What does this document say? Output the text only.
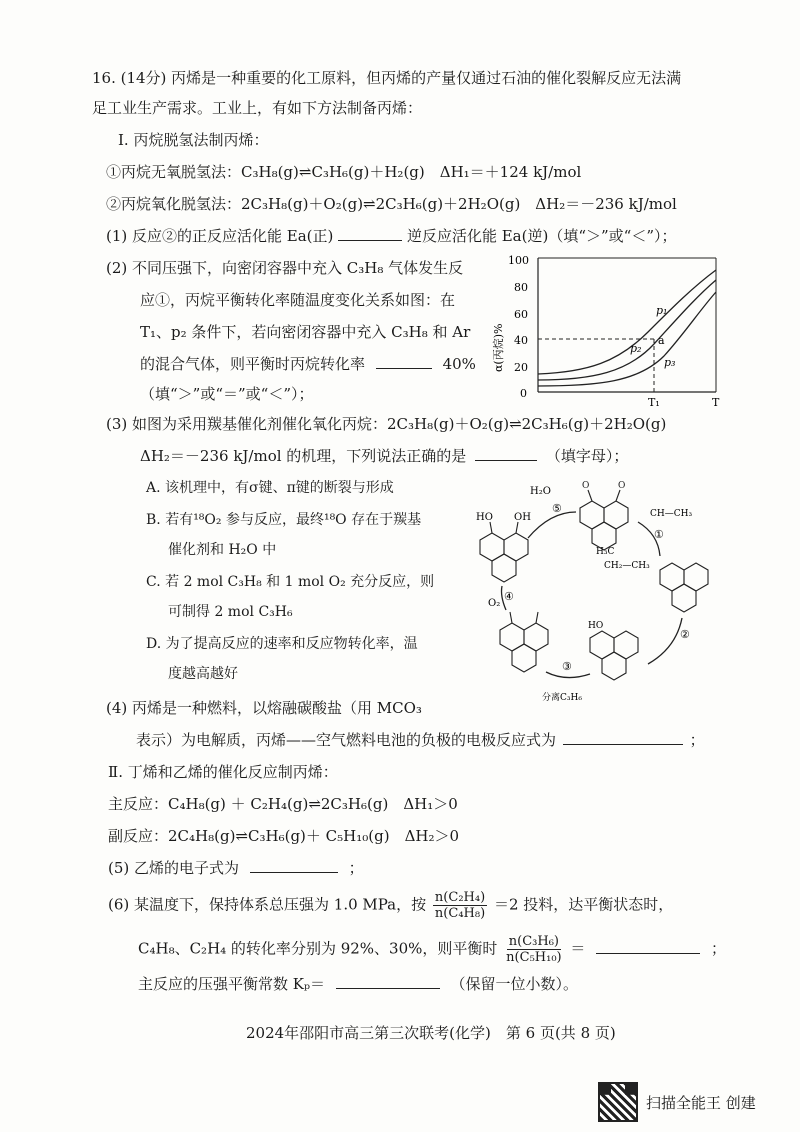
16. (14分) 丙烯是一种重要的化工原料，但丙烯的产量仅通过石油的催化裂解反应无法满
足工业生产需求。工业上，有如下方法制备丙烯：
Ⅰ. 丙烷脱氢法制丙烯：
①丙烷无氧脱氢法：C₃H₈(g)⇌C₃H₆(g)＋H₂(g)　ΔH₁＝＋124 kJ/mol
②丙烷氧化脱氢法：2C₃H₈(g)＋O₂(g)⇌2C₃H₆(g)＋2H₂O(g)　ΔH₂＝－236 kJ/mol
(1) 反应②的正反应活化能 Ea(正)	逆反应活化能 Ea(逆)（填“＞”或“＜”）；
(2) 不同压强下，向密闭容器中充入 C₃H₈ 气体发生反
应①，丙烷平衡转化率随温度变化关系如图：在
T₁、p₂ 条件下，若向密闭容器中充入 C₃H₈ 和 Ar
的混合气体，则平衡时丙烷转化率	40%
（填“＞”或“＝”或“＜”）；
100
80
60
40
20
0
α(丙烷)%
T
T₁
p₁
p₂
p₃
a
(3) 如图为采用羰基催化剂催化氧化丙烷：2C₃H₈(g)＋O₂(g)⇌2C₃H₆(g)＋2H₂O(g)
ΔH₂＝－236 kJ/mol 的机理，下列说法正确的是	（填字母）；
A. 该机理中，有σ键、π键的断裂与形成
B. 若有¹⁸O₂ 参与反应，最终¹⁸O 存在于羰基
催化剂和 H₂O 中
C. 若 2 mol C₃H₈ 和 1 mol O₂ 充分反应，则
可制得 2 mol C₃H₆
D. 为了提高反应的速率和反应物转化率，温
度越高越好
O	O
HO OH
H₂O
O₂
CH—CH₃
H₃C
CH₂—CH₃
HO
①
②
③
④
⑤
分离C₃H₆
(4) 丙烯是一种燃料，以熔融碳酸盐（用 MCO₃
表示）为电解质，丙烯——空气燃料电池的负极的电极反应式为	；
Ⅱ. 丁烯和乙烯的催化反应制丙烯：
主反应：C₄H₈(g) ＋ C₂H₄(g)⇌2C₃H₆(g)　ΔH₁＞0
副反应：2C₄H₈(g)⇌C₃H₆(g)＋ C₅H₁₀(g)　ΔH₂＞0
(5) 乙烯的电子式为	；
(6) 某温度下，保持体系总压强为 1.0 MPa，按 $\frac{\text{n(C₂H₄)}}{\text{n(C₄H₈)}} =2$ 投料，达平衡状态时，
C₄H₈、C₂H₄ 的转化率分别为 92%、30%，则平衡时 $\frac{\text{n(C₃H₆)}}{\text{n(C₅H₁₀)}}$ ＝	；
主反应的压强平衡常数 Kₚ＝	（保留一位小数）。
2024年邵阳市高三第三次联考(化学)　第 6 页(共 8 页)
扫描全能王 创建
